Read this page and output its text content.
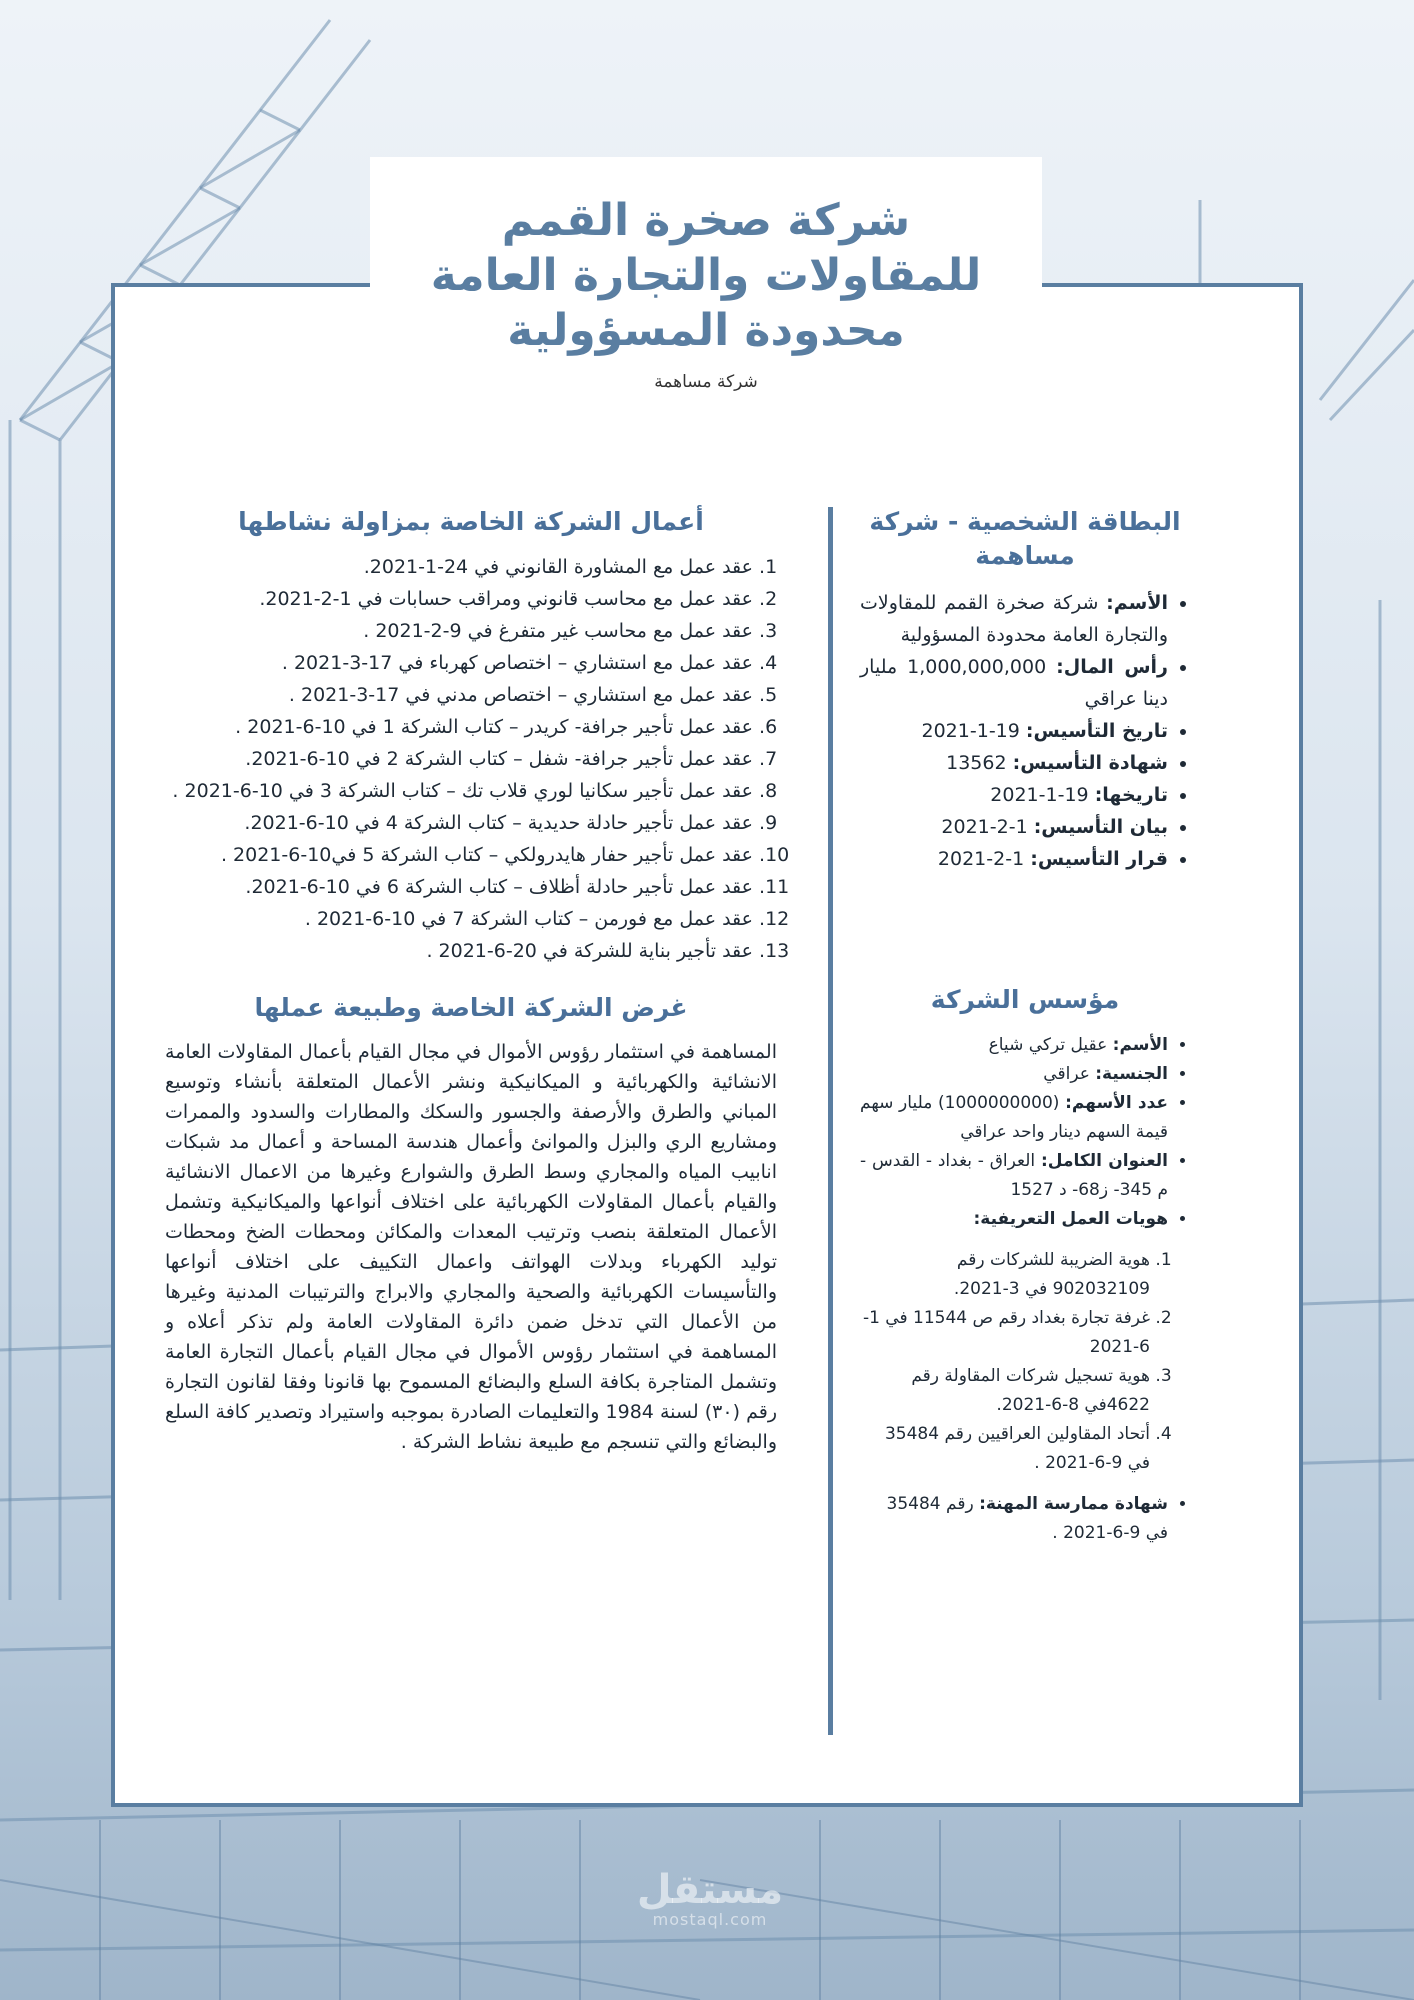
شركة صخرة القمم
للمقاولات والتجارة العامة
محدودة المسؤولية
شركة مساهمة
البطاقة الشخصية - شركة مساهمة
• الأسم: شركة صخرة القمم للمقاولات والتجارة العامة محدودة المسؤولية
• رأس المال: 1,000,000,000 مليار دينا عراقي
• تاريخ التأسيس: 19-1-2021
• شهادة التأسيس: 13562
• تاريخها: 19-1-2021
• بيان التأسيس: 1-2-2021
• قرار التأسيس: 1-2-2021
مؤسس الشركة
• الأسم: عقيل تركي شياع
• الجنسية: عراقي
• عدد الأسهم: (1000000000) مليار سهم قيمة السهم دينار واحد عراقي
• العنوان الكامل: العراق - بغداد - القدس - م 345- ز68- د 1527
• هويات العمل التعريفية:
1. هوية الضريبة للشركات رقم 902032109 في 3-2021.
2. غرفة تجارة بغداد رقم ص 11544 في 1-6-2021
3. هوية تسجيل شركات المقاولة رقم 4622في 8-6-2021.
4. أتحاد المقاولين العراقيين رقم 35484 في 9-6-2021 .
• شهادة ممارسة المهنة: رقم 35484 في 9-6-2021 .
أعمال الشركة الخاصة بمزاولة نشاطها
1. عقد عمل مع المشاورة القانوني في 24-1-2021.
2. عقد عمل مع محاسب قانوني ومراقب حسابات في 1-2-2021.
3. عقد عمل مع محاسب غير متفرغ في 9-2-2021 .
4. عقد عمل مع استشاري – اختصاص كهرباء في 17-3-2021 .
5. عقد عمل مع استشاري – اختصاص مدني في 17-3-2021 .
6. عقد عمل تأجير جرافة- كريدر – كتاب الشركة 1 في 10-6-2021 .
7. عقد عمل تأجير جرافة- شفل – كتاب الشركة 2 في 10-6-2021.
8. عقد عمل تأجير سكانيا لوري قلاب تك – كتاب الشركة 3 في 10-6-2021 .
9. عقد عمل تأجير حادلة حديدية – كتاب الشركة 4 في 10-6-2021.
10. عقد عمل تأجير حفار هايدرولكي – كتاب الشركة 5 في10-6-2021 .
11. عقد عمل تأجير حادلة أظلاف – كتاب الشركة 6 في 10-6-2021.
12. عقد عمل مع فورمن – كتاب الشركة 7 في 10-6-2021 .
13. عقد تأجير بناية للشركة في 20-6-2021 .
غرض الشركة الخاصة وطبيعة عملها

المساهمة في استثمار رؤوس الأموال في مجال القيام بأعمال المقاولات العامة الانشائية والكهربائية و الميكانيكية ونشر الأعمال المتعلقة بأنشاء وتوسيع المباني والطرق والأرصفة والجسور والسكك والمطارات والسدود والممرات ومشاريع الري والبزل والموانئ وأعمال هندسة المساحة و أعمال مد شبكات انابيب المياه والمجاري وسط الطرق والشوارع وغيرها من الاعمال الانشائية والقيام بأعمال المقاولات الكهربائية على اختلاف أنواعها والميكانيكية وتشمل الأعمال المتعلقة بنصب وترتيب المعدات والمكائن ومحطات الضخ ومحطات توليد الكهرباء وبدلات الهواتف واعمال التكييف على اختلاف أنواعها والتأسيسات الكهربائية والصحية والمجاري والابراج والترتيبات المدنية وغيرها من الأعمال التي تدخل ضمن دائرة المقاولات العامة ولم تذكر أعلاه و المساهمة في استثمار رؤوس الأموال في مجال القيام بأعمال التجارة العامة وتشمل المتاجرة بكافة السلع والبضائع المسموح بها قانونا وفقا لقانون التجارة رقم (٣٠) لسنة 1984 والتعليمات الصادرة بموجبه واستيراد وتصدير كافة السلع والبضائع والتي تنسجم مع طبيعة نشاط الشركة .

مستقل
mostaql.com
